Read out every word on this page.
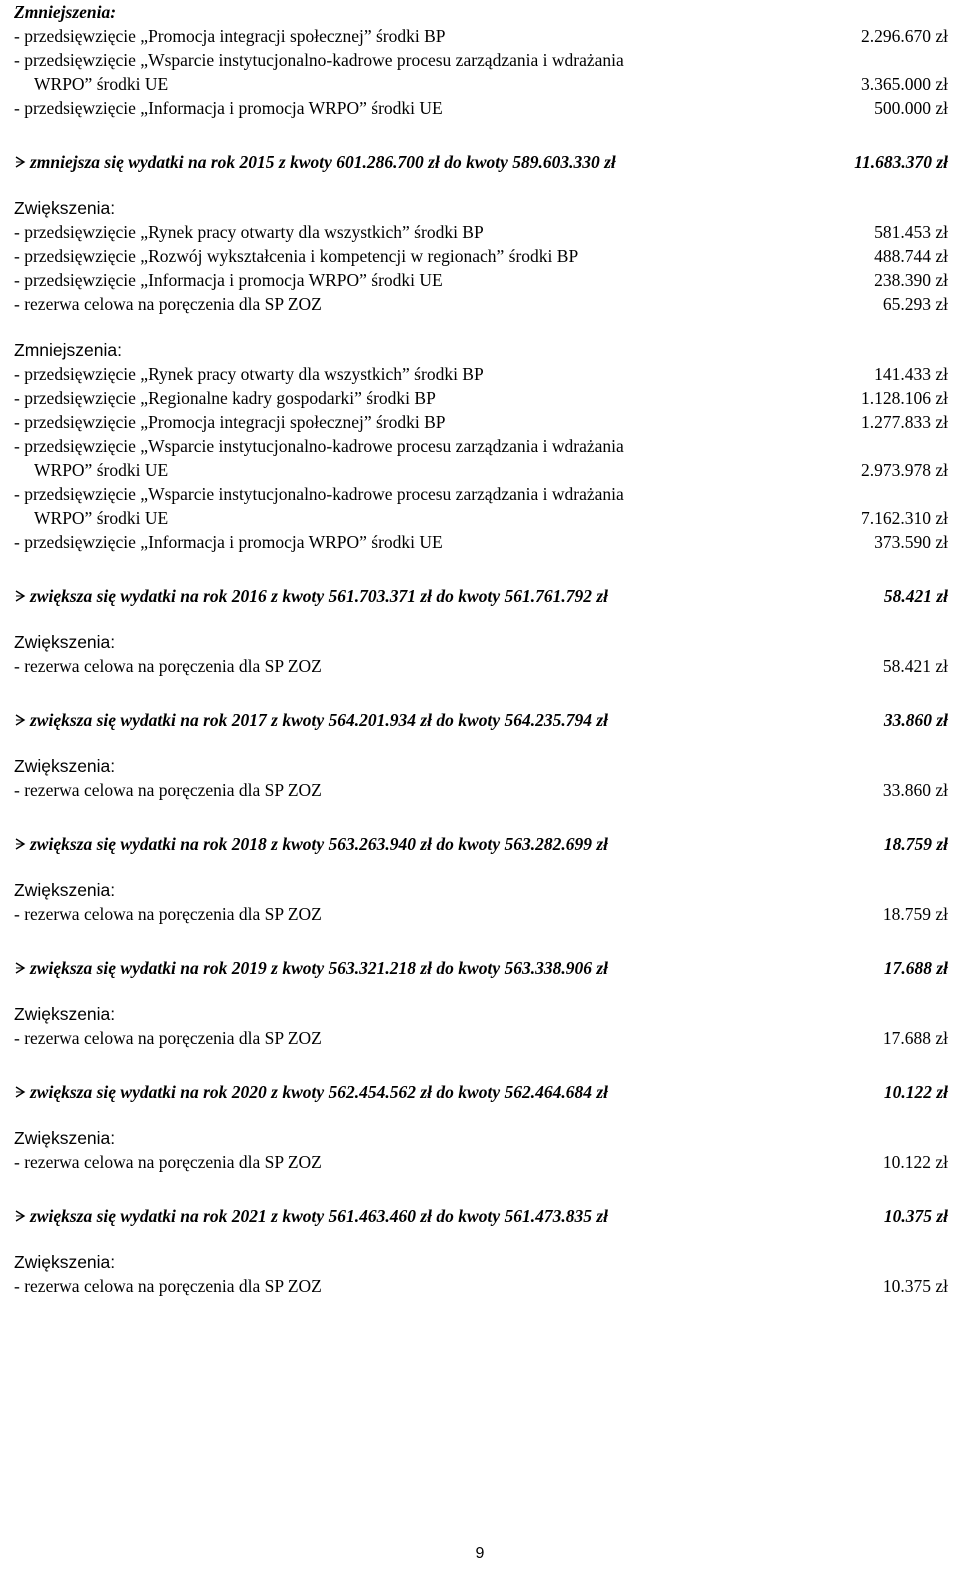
Zmniejszenia:
- przedsięwzięcie „Promocja integracji społecznej” środki BP	2.296.670 zł
- przedsięwzięcie „Wsparcie instytucjonalno-kadrowe procesu zarządzania i wdrażania
WRPO” środki UE	3.365.000 zł
- przedsięwzięcie „Informacja i promocja WRPO” środki UE	500.000 zł
zmniejsza się wydatki na rok 2015 z kwoty 601.286.700 zł do kwoty 589.603.330 zł	11.683.370 zł
Zwiększenia:
- przedsięwzięcie „Rynek pracy otwarty dla wszystkich” środki BP	581.453 zł
- przedsięwzięcie „Rozwój wykształcenia i kompetencji w regionach” środki BP	488.744 zł
- przedsięwzięcie „Informacja i promocja WRPO” środki UE	238.390 zł
- rezerwa celowa na poręczenia dla SP ZOZ	65.293 zł
Zmniejszenia:
- przedsięwzięcie „Rynek pracy otwarty dla wszystkich” środki BP	141.433 zł
- przedsięwzięcie „Regionalne kadry gospodarki” środki BP	1.128.106 zł
- przedsięwzięcie „Promocja integracji społecznej” środki BP	1.277.833 zł
- przedsięwzięcie „Wsparcie instytucjonalno-kadrowe procesu zarządzania i wdrażania
WRPO” środki UE	2.973.978 zł
- przedsięwzięcie „Wsparcie instytucjonalno-kadrowe procesu zarządzania i wdrażania
WRPO” środki UE	7.162.310 zł
- przedsięwzięcie „Informacja i promocja WRPO” środki UE	373.590 zł
zwiększa się wydatki na rok 2016 z kwoty 561.703.371 zł do kwoty 561.761.792 zł	58.421 zł
Zwiększenia:
- rezerwa celowa na poręczenia dla SP ZOZ	58.421 zł
zwiększa się wydatki na rok 2017 z kwoty 564.201.934 zł do kwoty 564.235.794 zł	33.860 zł
Zwiększenia:
- rezerwa celowa na poręczenia dla SP ZOZ	33.860 zł
zwiększa się wydatki na rok 2018 z kwoty 563.263.940 zł do kwoty 563.282.699 zł	18.759 zł
Zwiększenia:
- rezerwa celowa na poręczenia dla SP ZOZ	18.759 zł
zwiększa się wydatki na rok 2019 z kwoty 563.321.218 zł do kwoty 563.338.906 zł	17.688 zł
Zwiększenia:
- rezerwa celowa na poręczenia dla SP ZOZ	17.688 zł
zwiększa się wydatki na rok 2020 z kwoty 562.454.562 zł do kwoty 562.464.684 zł	10.122 zł
Zwiększenia:
- rezerwa celowa na poręczenia dla SP ZOZ	10.122 zł
zwiększa się wydatki na rok 2021 z kwoty 561.463.460 zł do kwoty 561.473.835 zł	10.375 zł
Zwiększenia:
- rezerwa celowa na poręczenia dla SP ZOZ	10.375 zł
9
